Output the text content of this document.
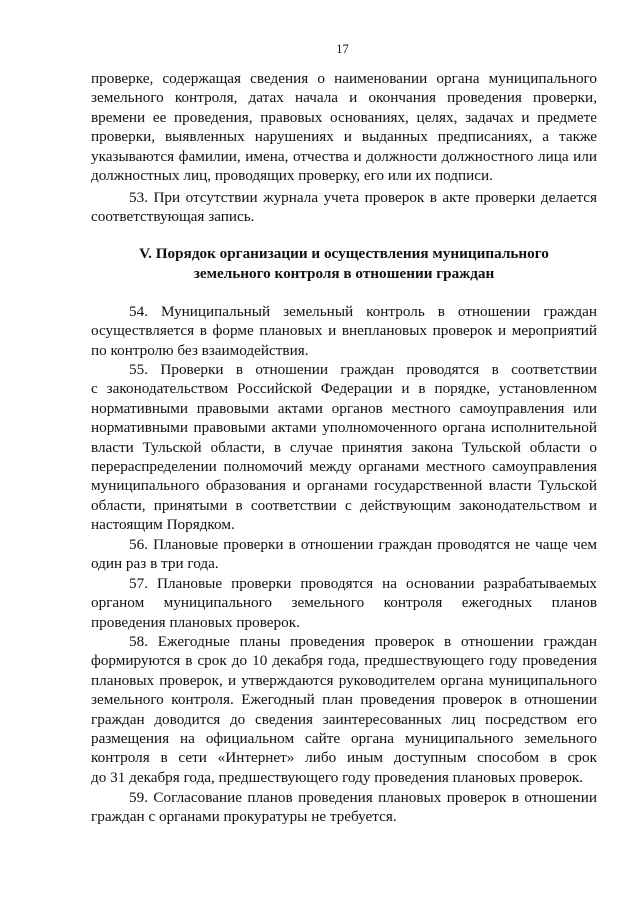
17
проверке, содержащая сведения о наименовании органа муниципального
земельного контроля, датах начала и окончания проведения проверки,
времени ее проведения, правовых основаниях, целях, задачах и предмете
проверки, выявленных нарушениях и выданных предписаниях, а также
указываются фамилии, имена, отчества и должности должностного лица или
должностных лиц, проводящих проверку, его или их подписи.
53. При отсутствии журнала учета проверок в акте проверки делается
соответствующая запись.
V. Порядок организации и осуществления муниципального
земельного контроля в отношении граждан
54. Муниципальный земельный контроль в отношении граждан
осуществляется в форме плановых и внеплановых проверок и мероприятий
по контролю без взаимодействия.
55. Проверки в отношении граждан проводятся в соответствии
с законодательством Российской Федерации и в порядке, установленном
нормативными правовыми актами органов местного самоуправления или
нормативными правовыми актами уполномоченного органа исполнительной
власти Тульской области, в случае принятия закона Тульской области о
перераспределении полномочий между органами местного самоуправления
муниципального образования и органами государственной власти Тульской
области, принятыми в соответствии с действующим законодательством и
настоящим Порядком.
56. Плановые проверки в отношении граждан проводятся не чаще чем
один раз в три года.
57. Плановые проверки проводятся на основании разрабатываемых
органом муниципального земельного контроля ежегодных планов
проведения плановых проверок.
58. Ежегодные планы проведения проверок в отношении граждан
формируются в срок до 10 декабря года, предшествующего году проведения
плановых проверок, и утверждаются руководителем органа муниципального
земельного контроля. Ежегодный план проведения проверок в отношении
граждан доводится до сведения заинтересованных лиц посредством его
размещения на официальном сайте органа муниципального земельного
контроля в сети «Интернет» либо иным доступным способом в срок
до 31 декабря года, предшествующего году проведения плановых проверок.
59. Согласование планов проведения плановых проверок в отношении
граждан с органами прокуратуры не требуется.
